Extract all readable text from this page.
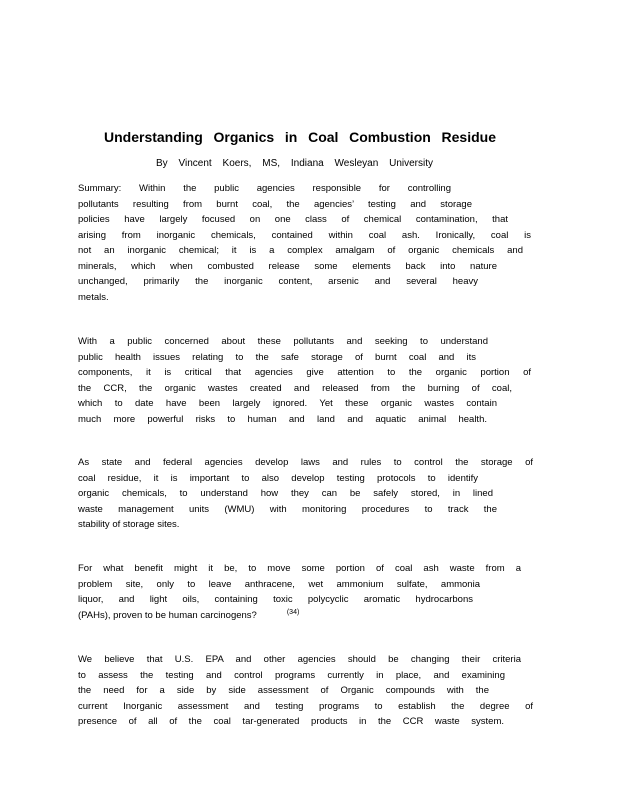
Understanding Organics in Coal Combustion Residue
By Vincent Koers, MS, Indiana Wesleyan University
Summary: Within the public agencies responsible for controlling
pollutants resulting from burnt coal, the agencies’ testing and storage
policies have largely focused on one class of chemical contamination, that
arising from inorganic chemicals, contained within coal ash. Ironically, coal is
not an inorganic chemical; it is a complex amalgam of organic chemicals and
minerals, which when combusted release some elements back into nature
unchanged, primarily the inorganic content, arsenic and several heavy
metals.
With a public concerned about these pollutants and seeking to understand
public health issues relating to the safe storage of burnt coal and its
components, it is critical that agencies give attention to the organic portion of
the CCR, the organic wastes created and released from the burning of coal,
which to date have been largely ignored. Yet these organic wastes contain
much more powerful risks to human and land and aquatic animal health.
As state and federal agencies develop laws and rules to control the storage of
coal residue, it is important to also develop testing protocols to identify
organic chemicals, to understand how they can be safely stored, in lined
waste management units (WMU) with monitoring procedures to track the
stability of storage sites.
For what benefit might it be, to move some portion of coal ash waste from a
problem site, only to leave anthracene, wet ammonium sulfate, ammonia
liquor, and light oils, containing toxic polycyclic aromatic hydrocarbons
(PAHs), proven to be human carcinogens?	$^{(34)}$
We believe that U.S. EPA and other agencies should be changing their criteria
to assess the testing and control programs currently in place, and examining
the need for a side by side assessment of Organic compounds with the
current Inorganic assessment and testing programs to establish the degree of
presence of all of the coal tar-generated products in the CCR waste system.
